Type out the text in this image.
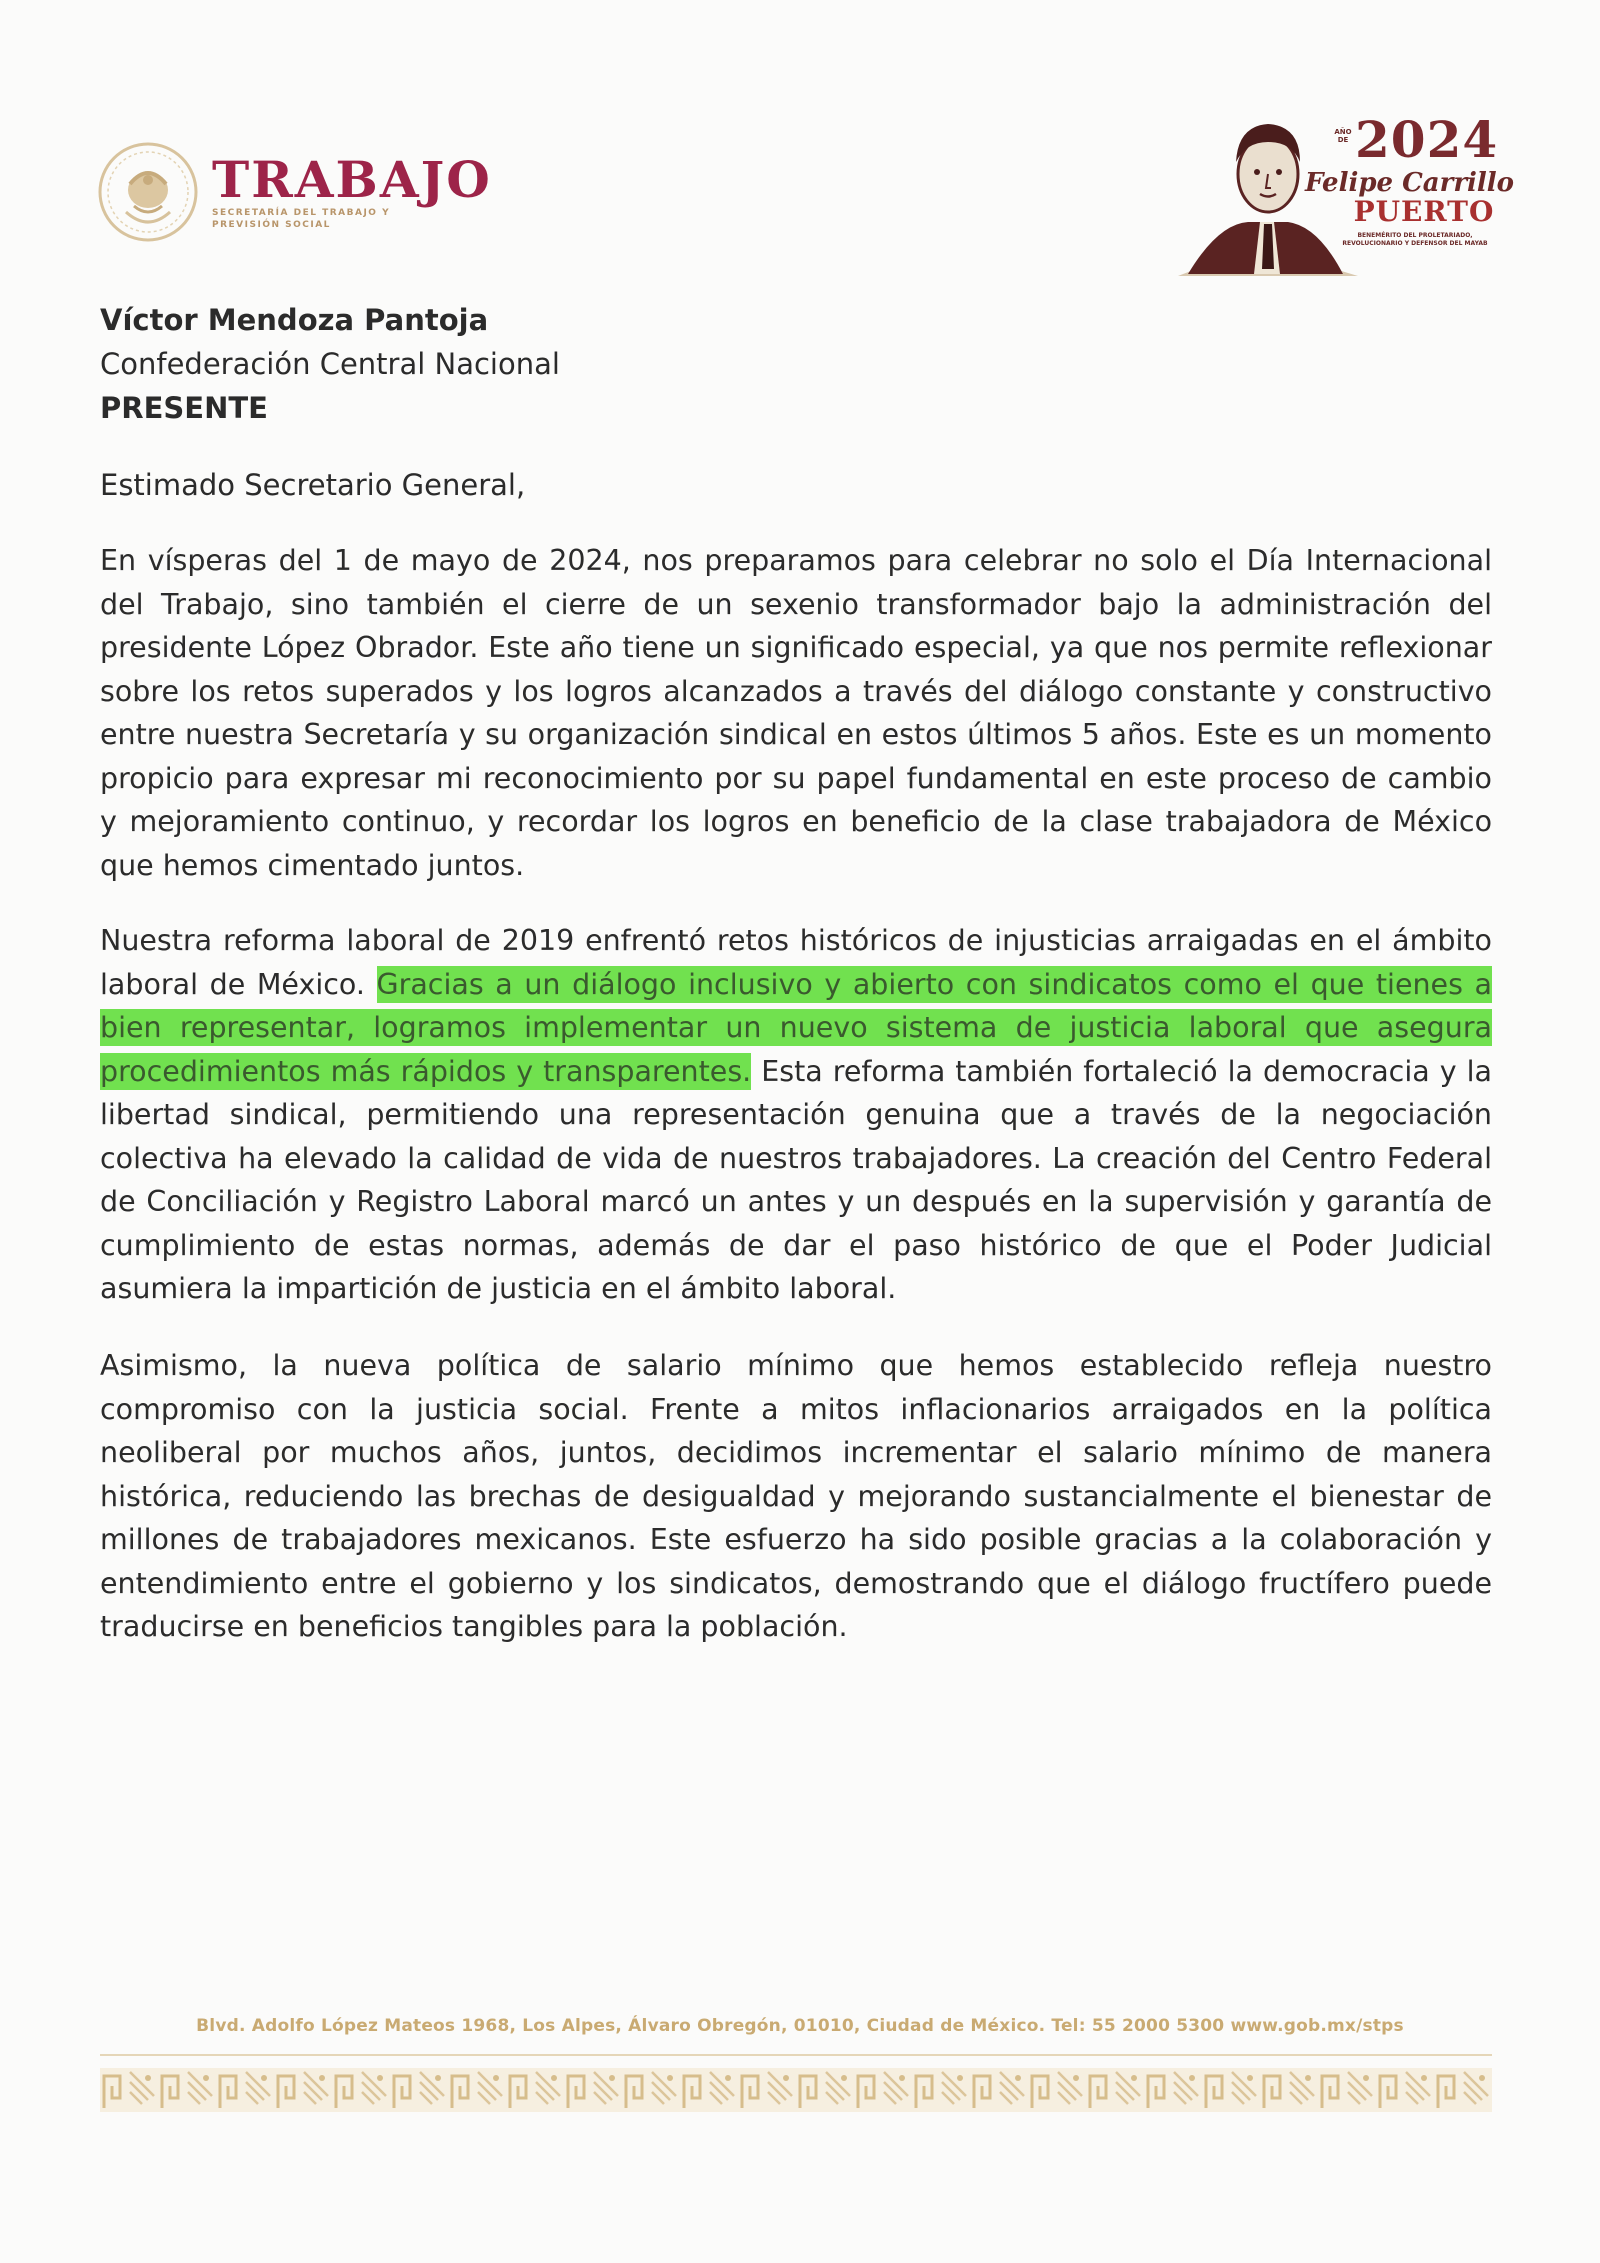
TRABAJO
SECRETARÍA DEL TRABAJO Y PREVISIÓN SOCIAL
AÑO DE 2024
Felipe Carrillo
PUERTO
BENEMÉRITO DEL PROLETARIADO, REVOLUCIONARIO Y DEFENSOR DEL MAYAB
Víctor Mendoza Pantoja
Confederación Central Nacional
PRESENTE
Estimado Secretario General,
En vísperas del 1 de mayo de 2024, nos preparamos para celebrar no solo el Día Internacional del Trabajo, sino también el cierre de un sexenio transformador bajo la administración del presidente López Obrador. Este año tiene un significado especial, ya que nos permite reflexionar sobre los retos superados y los logros alcanzados a través del diálogo constante y constructivo entre nuestra Secretaría y su organización sindical en estos últimos 5 años. Este es un momento propicio para expresar mi reconocimiento por su papel fundamental en este proceso de cambio y mejoramiento continuo, y recordar los logros en beneficio de la clase trabajadora de México que hemos cimentado juntos.
Nuestra reforma laboral de 2019 enfrentó retos históricos de injusticias arraigadas en el ámbito laboral de México. Gracias a un diálogo inclusivo y abierto con sindicatos como el que tienes a bien representar, logramos implementar un nuevo sistema de justicia laboral que asegura procedimientos más rápidos y transparentes. Esta reforma también fortaleció la democracia y la libertad sindical, permitiendo una representación genuina que a través de la negociación colectiva ha elevado la calidad de vida de nuestros trabajadores. La creación del Centro Federal de Conciliación y Registro Laboral marcó un antes y un después en la supervisión y garantía de cumplimiento de estas normas, además de dar el paso histórico de que el Poder Judicial asumiera la impartición de justicia en el ámbito laboral.
Asimismo, la nueva política de salario mínimo que hemos establecido refleja nuestro compromiso con la justicia social. Frente a mitos inflacionarios arraigados en la política neoliberal por muchos años, juntos, decidimos incrementar el salario mínimo de manera histórica, reduciendo las brechas de desigualdad y mejorando sustancialmente el bienestar de millones de trabajadores mexicanos. Este esfuerzo ha sido posible gracias a la colaboración y entendimiento entre el gobierno y los sindicatos, demostrando que el diálogo fructífero puede traducirse en beneficios tangibles para la población.
Blvd. Adolfo López Mateos 1968, Los Alpes, Álvaro Obregón, 01010, Ciudad de México. Tel: 55 2000 5300 www.gob.mx/stps
